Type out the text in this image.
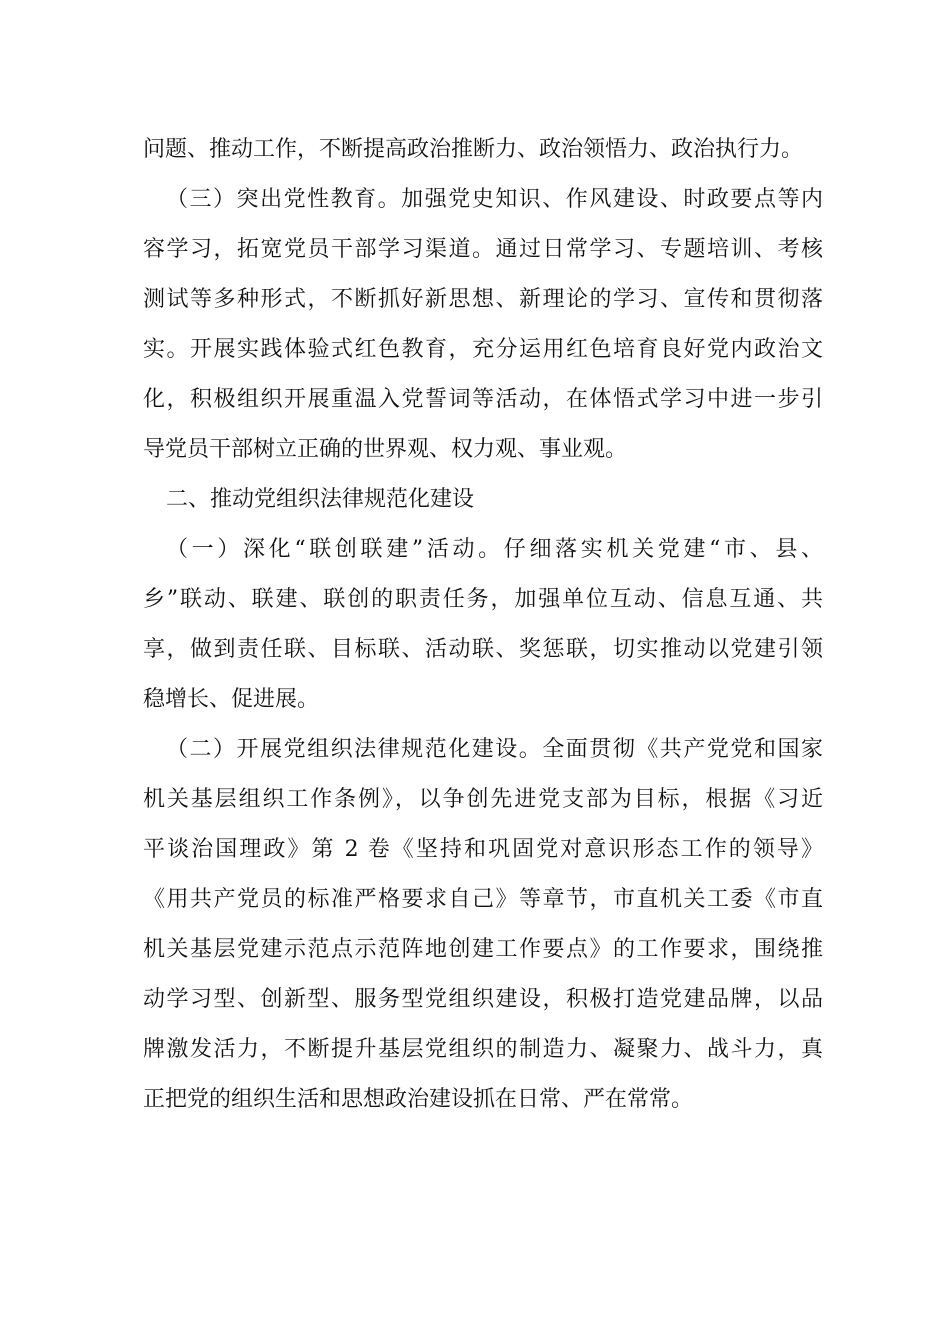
问题、推动工作，不断提高政治推断力、政治领悟力、政治执行力。
（三）突出党性教育。加强党史知识、作风建设、时政要点等内
容学习，拓宽党员干部学习渠道。通过日常学习、专题培训、考核
测试等多种形式，不断抓好新思想、新理论的学习、宣传和贯彻落
实。开展实践体验式红色教育，充分运用红色培育良好党内政治文
化，积极组织开展重温入党誓词等活动，在体悟式学习中进一步引
导党员干部树立正确的世界观、权力观、事业观。
二、推动党组织法律规范化建设
（一）深化“联创联建”活动。仔细落实机关党建“市、县、
乡”联动、联建、联创的职责任务，加强单位互动、信息互通、共
享，做到责任联、目标联、活动联、奖惩联，切实推动以党建引领
稳增长、促进展。
（二）开展党组织法律规范化建设。全面贯彻《共产党党和国家
机关基层组织工作条例》，以争创先进党支部为目标，根据《习近
平谈治国理政》第 2 卷《坚持和巩固党对意识形态工作的领导》
《用共产党员的标准严格要求自己》等章节，市直机关工委《市直
机关基层党建示范点示范阵地创建工作要点》的工作要求，围绕推
动学习型、创新型、服务型党组织建设，积极打造党建品牌，以品
牌激发活力，不断提升基层党组织的制造力、凝聚力、战斗力，真
正把党的组织生活和思想政治建设抓在日常、严在常常。
